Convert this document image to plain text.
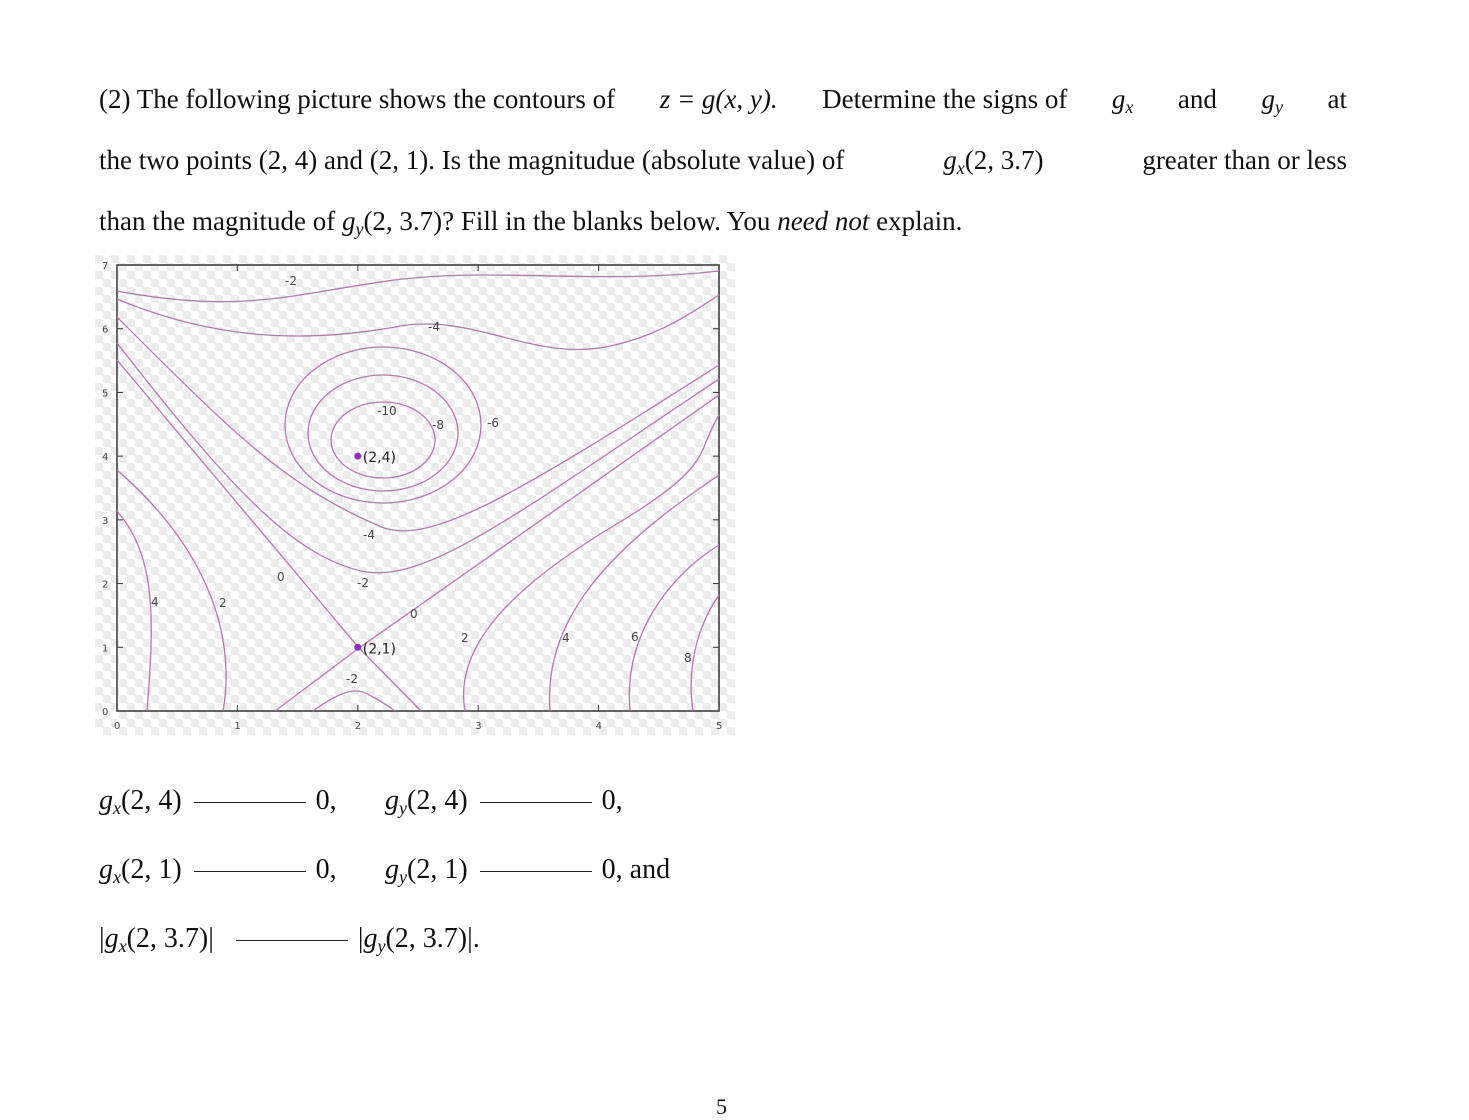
(2) The following picture shows the contours of z = g(x, y). Determine the signs of $g_x$ and $g_y$ at
the two points (2, 4) and (2, 1). Is the magnitudue (absolute value) of	$g_x(2$, 3.7)	greater than or less
than the magnitude of $g_y(2$, 3.7)? Fill in the blanks below. You need not explain.
0	1	2	3	4	5
0
1
2
3
4
5
6
7
-2
-4
-10
-8	-6
-4
-2
0
0
-2
4	2
2	4	6
8
(2,4)
(2,1)
$g_x(2$, 4)	0, $g_y(2$, 4)	0,
$g_x(2$, 1)	0, $g_y(2$, 1)	0, and
$|g_x(2$, 3.7)|	$|g_y(2$, 3.7)|.
5
